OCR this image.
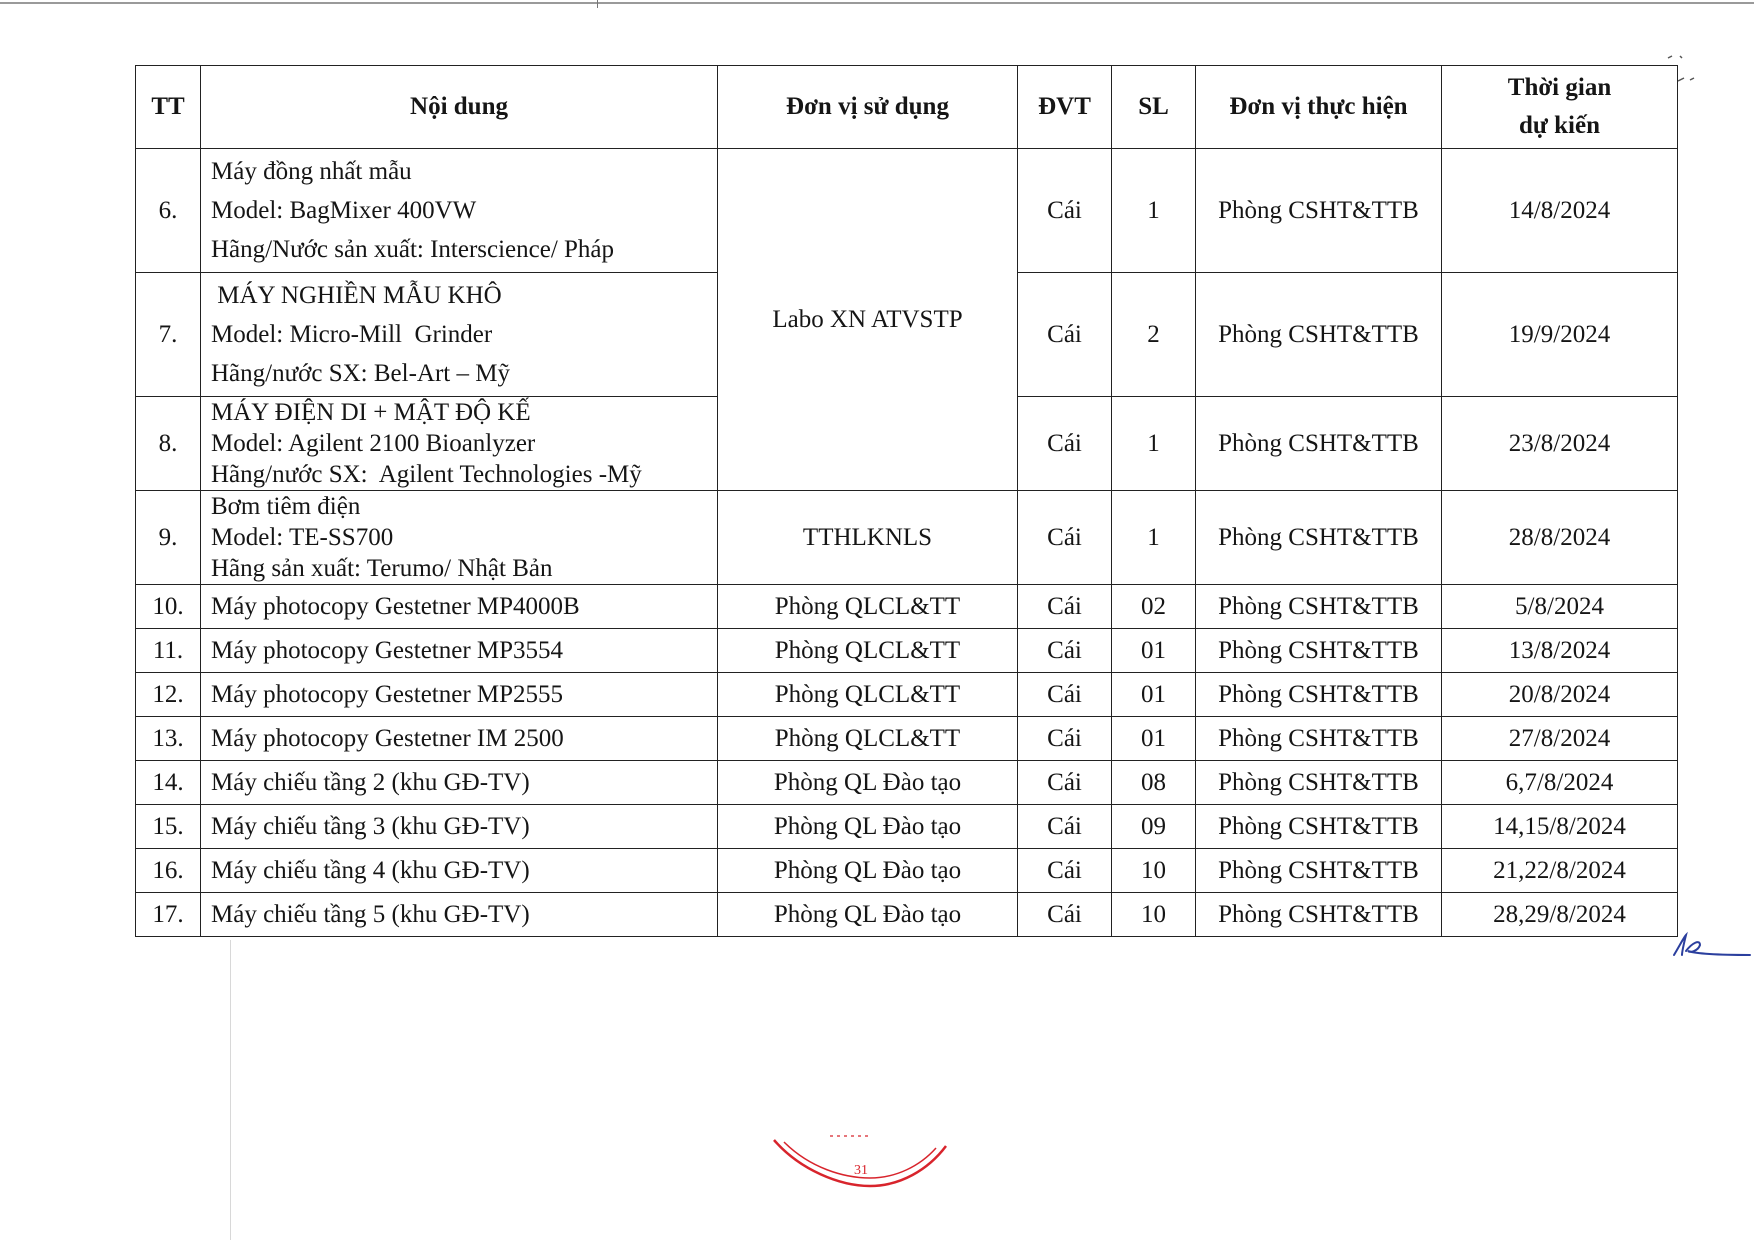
TT	Nội dung	Đơn vị sử dụng	ĐVT	SL	Đơn vị thực hiện	Thời gian
dự kiến

6.	Máy đồng nhất mẫu
Model: BagMixer 400VW
Hãng/Nước sản xuất: Interscience/ Pháp	Labo XN ATVSTP	Cái	1	Phòng CSHT&TTB	14/8/2024
7.	MÁY NGHIỀN MẪU KHÔ
Model: Micro-Mill  Grinder
Hãng/nước SX: Bel-Art – Mỹ		Cái	2	Phòng CSHT&TTB	19/9/2024
8.	MÁY ĐIỆN DI + MẬT ĐỘ KẾ
Model: Agilent 2100 Bioanlyzer
Hãng/nước SX:  Agilent Technologies -Mỹ		Cái	1	Phòng CSHT&TTB	23/8/2024
9.	Bơm tiêm điện
Model: TE-SS700
Hãng sản xuất: Terumo/ Nhật Bản	TTHLKNLS	Cái	1	Phòng CSHT&TTB	28/8/2024
10.	Máy photocopy Gestetner MP4000B	Phòng QLCL&TT	Cái	02	Phòng CSHT&TTB	5/8/2024
11.	Máy photocopy Gestetner MP3554	Phòng QLCL&TT	Cái	01	Phòng CSHT&TTB	13/8/2024
12.	Máy photocopy Gestetner MP2555	Phòng QLCL&TT	Cái	01	Phòng CSHT&TTB	20/8/2024
13.	Máy photocopy Gestetner IM 2500	Phòng QLCL&TT	Cái	01	Phòng CSHT&TTB	27/8/2024
14.	Máy chiếu tầng 2 (khu GĐ-TV)	Phòng QL Đào tạo	Cái	08	Phòng CSHT&TTB	6,7/8/2024
15.	Máy chiếu tầng 3 (khu GĐ-TV)	Phòng QL Đào tạo	Cái	09	Phòng CSHT&TTB	14,15/8/2024
16.	Máy chiếu tầng 4 (khu GĐ-TV)	Phòng QL Đào tạo	Cái	10	Phòng CSHT&TTB	21,22/8/2024
17.	Máy chiếu tầng 5 (khu GĐ-TV)	Phòng QL Đào tạo	Cái	10	Phòng CSHT&TTB	28,29/8/2024
31
